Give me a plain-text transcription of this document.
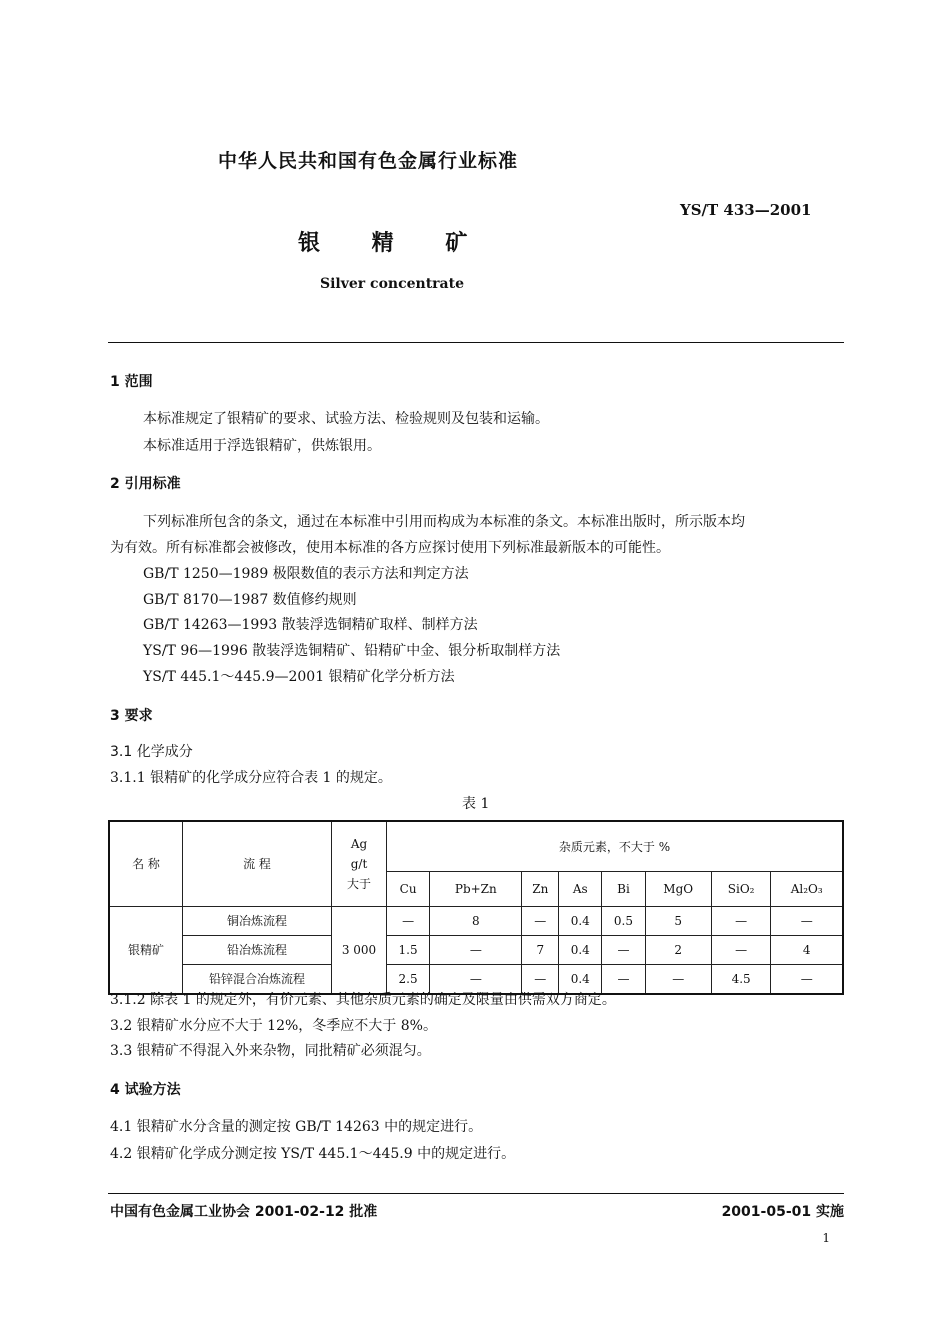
中华人民共和国有色金属行业标准
YS/T 433—2001
银 精 矿
Silver concentrate
1 范围
本标准规定了银精矿的要求、试验方法、检验规则及包装和运输。
本标准适用于浮选银精矿，供炼银用。
2 引用标准
下列标准所包含的条文，通过在本标准中引用而构成为本标准的条文。本标准出版时，所示版本均
为有效。所有标准都会被修改，使用本标准的各方应探讨使用下列标准最新版本的可能性。
GB/T 1250—1989 极限数值的表示方法和判定方法
GB/T 8170—1987 数值修约规则
GB/T 14263—1993 散装浮选铜精矿取样、制样方法
YS/T 96—1996 散装浮选铜精矿、铅精矿中金、银分析取制样方法
YS/T 445.1～445.9—2001 银精矿化学分析方法
3 要求
3.1 化学成分
3.1.1 银精矿的化学成分应符合表 1 的规定。
表 1
名 称	流 程	Ag
g/t
大于	杂质元素，不大于 %							
			Cu	Pb+Zn	Zn	As	Bi	MgO	SiO₂	Al₂O₃
银精矿	铜冶炼流程	3 000	—	8	—	0.4	0.5	5	—	—
	铅冶炼流程		1.5	—	7	0.4	—	2	—	4
	铅锌混合冶炼流程		2.5	—	—	0.4	—	—	4.5	—
3.1.2 除表 1 的规定外，有价元素、其他杂质元素的确定及限量由供需双方商定。
3.2 银精矿水分应不大于 12%，冬季应不大于 8%。
3.3 银精矿不得混入外来杂物，同批精矿必须混匀。
4 试验方法
4.1 银精矿水分含量的测定按 GB/T 14263 中的规定进行。
4.2 银精矿化学成分测定按 YS/T 445.1～445.9 中的规定进行。
中国有色金属工业协会 2001-02-12 批准	2001-05-01 实施
1
